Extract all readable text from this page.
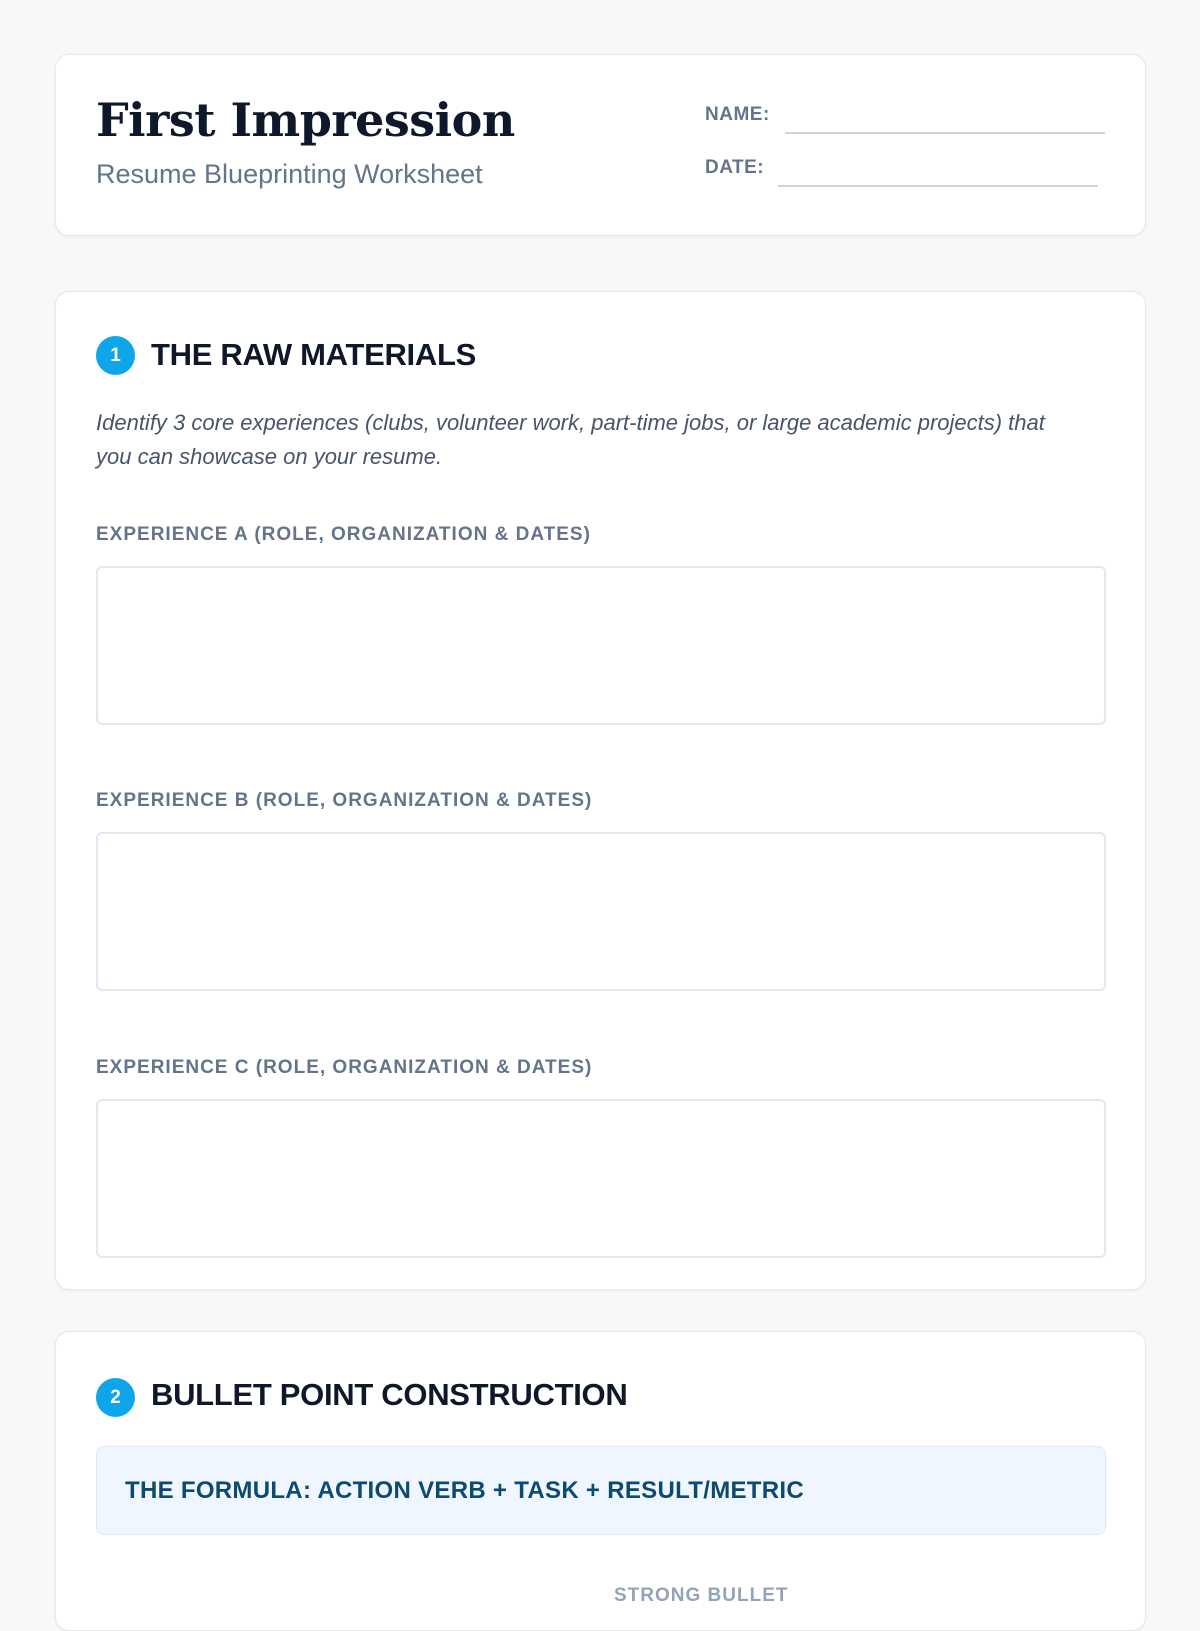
First Impression
Resume Blueprinting Worksheet
NAME:
DATE:
1 THE RAW MATERIALS

Identify 3 core experiences (clubs, volunteer work, part-time jobs, or large academic projects) that you can showcase on your resume.

EXPERIENCE A (ROLE, ORGANIZATION & DATES)
EXPERIENCE B (ROLE, ORGANIZATION & DATES)
EXPERIENCE C (ROLE, ORGANIZATION & DATES)
2 BULLET POINT CONSTRUCTION
THE FORMULA: ACTION VERB + TASK + RESULT/METRIC
STRONG BULLET
